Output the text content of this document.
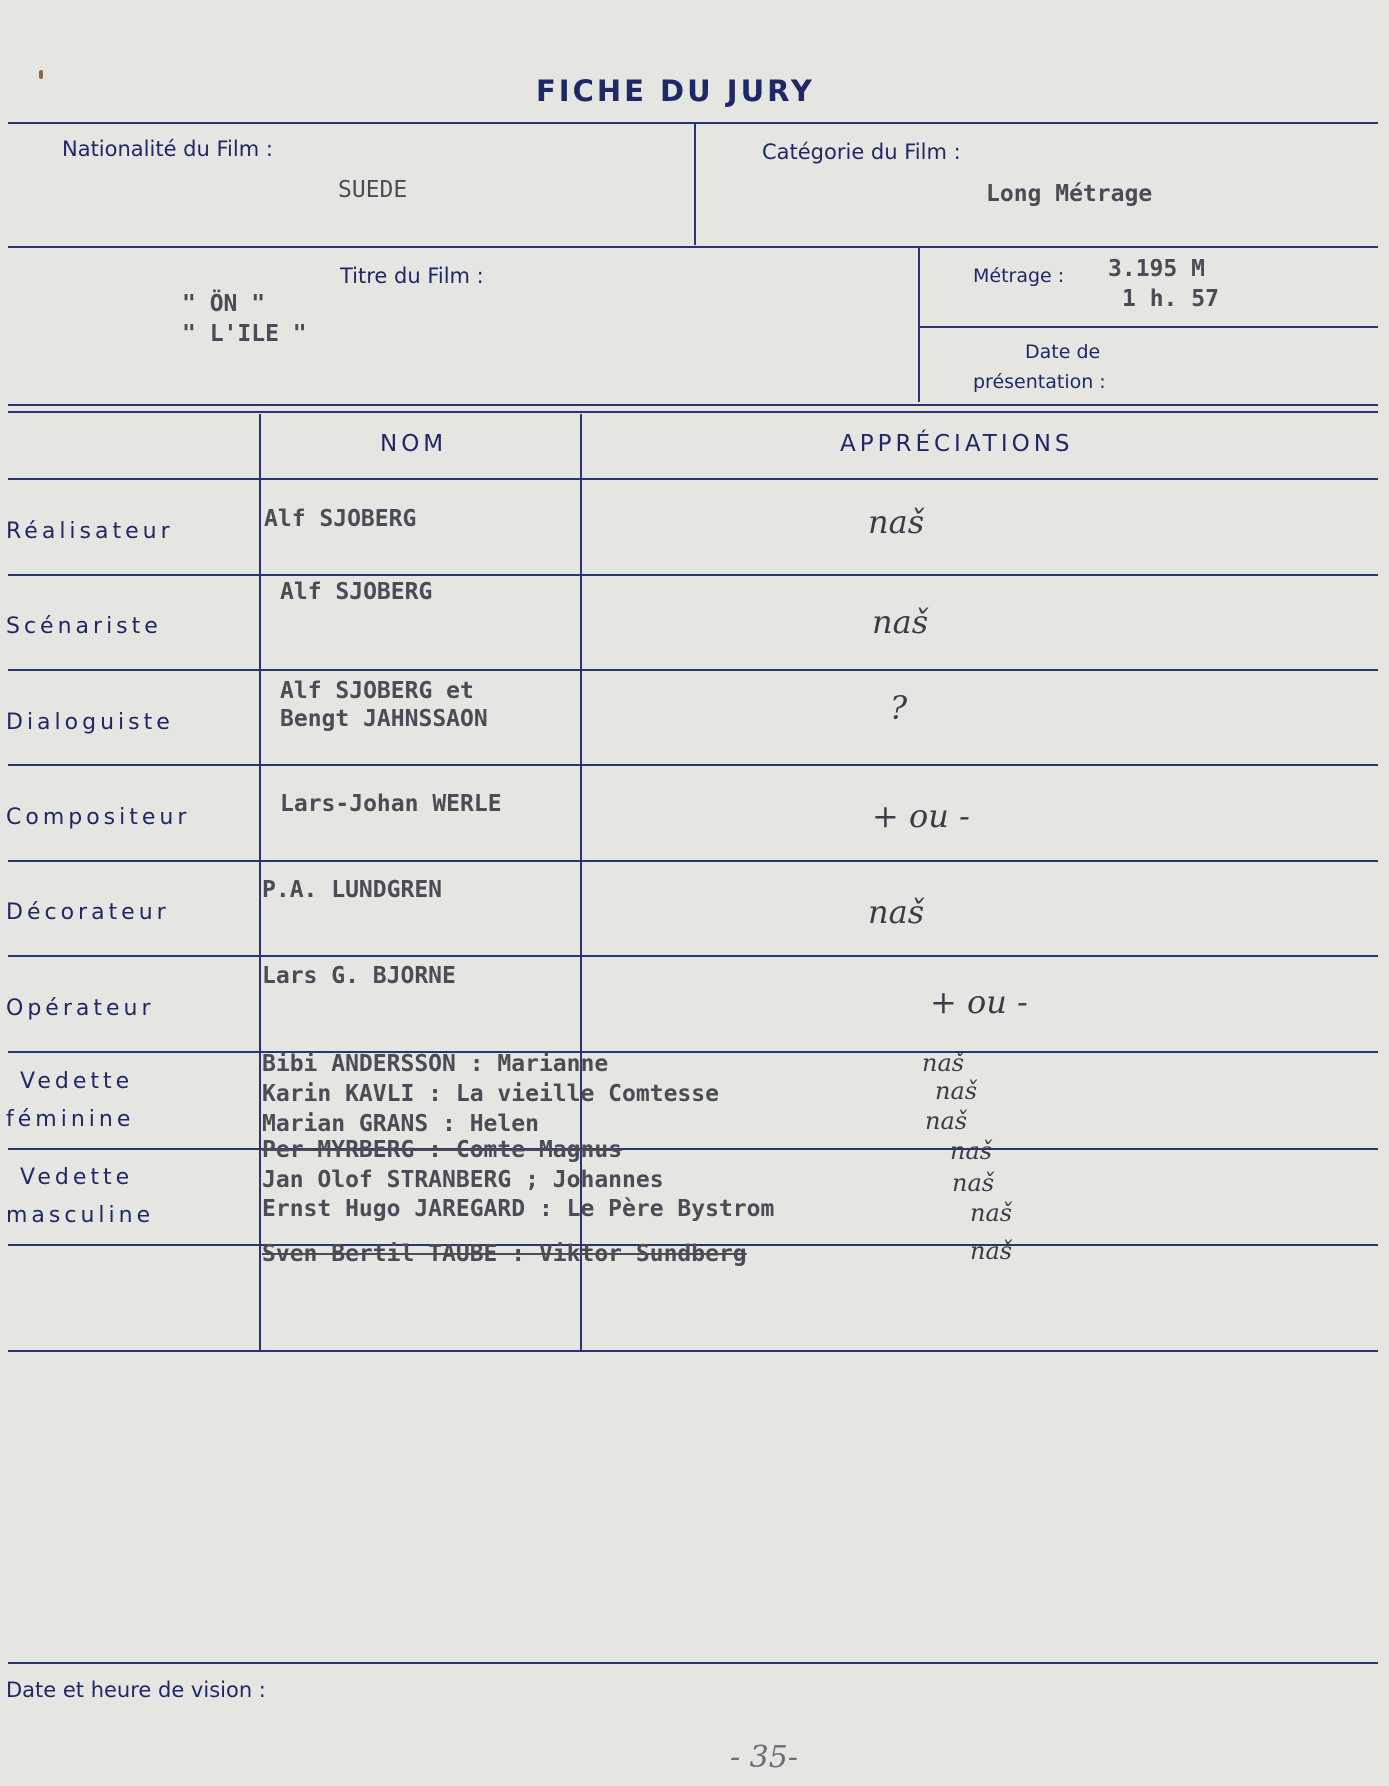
FICHE DU JURY
Nationalité du Film :
SUEDE
Catégorie du Film :
Long Métrage
" ÖN "
" L'ILE "
Titre du Film :	Métrage : 3.195 M
1 h. 57
Date de
présentation :
NOM	APPRÉCIATIONS
Réalisateur
Scénariste
Dialoguiste
Compositeur
Décorateur
Opérateur
Vedette
féminine
Vedette
masculine
Alf SJOBERG
Alf SJOBERG
Alf SJOBERG et
Bengt JAHNSSAON
Lars-Johan WERLE
P.A. LUNDGREN
Lars G. BJORNE
naš
naš
?
+ ou -
naš
+ ou -
Bibi ANDERSSON : Marianne
Karin KAVLI : La vieille Comtesse
Marian GRANS : Helen
Per MYRBERG : Comte Magnus
Jan Olof STRANBERG ; Johannes
Ernst Hugo JAREGARD : Le Père Bystrom
Sven Bertil TAUBE : Viktor Sundberg
naš
naš
naš
naš
naš
naš
naš
Date et heure de vision :
- 35-
